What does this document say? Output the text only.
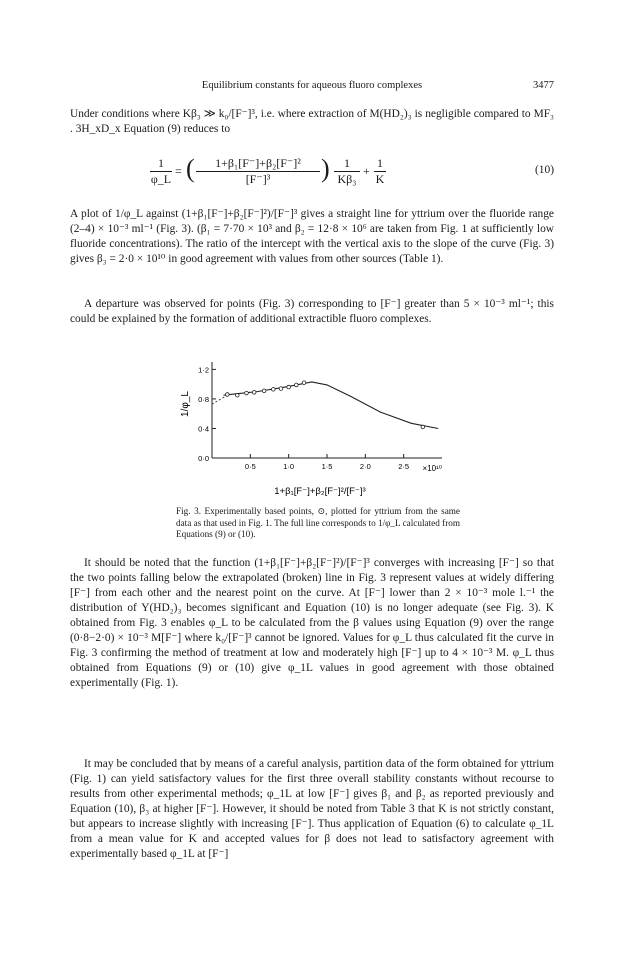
Equilibrium constants for aqueous fluoro complexes	3477

Under conditions where Kβ₃ ≫ k₀/[F⁻]³, i.e. where extraction of M(HD₂)₃ is negligible compared to MF₃ . 3H_xD_x Equation (9) reduces to

$\frac{1}{\varphi\_L}$ = ( $\frac{\text{1+β₁[F⁻]+β₂[F⁻]²}}{\text{[F⁻]³}}$ ) $\frac{1}{\text{Kβ₃}} + \frac{1}{K}$	(10)

A plot of 1/φ_L against (1+β₁[F⁻]+β₂[F⁻]²)/[F⁻]³ gives a straight line for yttrium over the fluoride range (2–4) × 10⁻³ ml⁻¹ (Fig. 3). (β₁ = 7·70 × 10³ and β₂ = 12·8 × 10⁶ are taken from Fig. 1 at sufficiently low fluoride concentrations). The ratio of the intercept with the vertical axis to the slope of the curve (Fig. 3) gives β₃ = 2·0 × 10¹⁰ in good agreement with values from other sources (Table 1).

A departure was observed for points (Fig. 3) corresponding to [F⁻] greater than 5 × 10⁻³ ml⁻¹; this could be explained by the formation of additional extractible fluoro complexes.

1·2
0·8
0·4
0·0
0·5	1·0	1·5	2·0	2·5
1/φ_L
×10¹⁰
1+β₁[F⁻]+β₂[F⁻]²/[F⁻]³
Fig. 3. Experimentally based points, ⊙, plotted for yttrium from the same data as that used in Fig. 1. The full line corresponds to 1/φ_L calculated from Equations (9) or (10).

It should be noted that the function (1+β₁[F⁻]+β₂[F⁻]²)/[F⁻]³ converges with increasing [F⁻] so that the two points falling below the extrapolated (broken) line in Fig. 3 represent values at widely differing [F⁻] from each other and the nearest point on the curve. At [F⁻] lower than 2 × 10⁻³ mole l.⁻¹ the distribution of Y(HD₂)₃ becomes significant and Equation (10) is no longer adequate (see Fig. 3). K obtained from Fig. 3 enables φ_L to be calculated from the β values using Equation (9) over the range (0·8−2·0) × 10⁻³ M[F⁻] where k₀/[F⁻]³ cannot be ignored. Values for φ_L thus calculated fit the curve in Fig. 3 confirming the method of treatment at low and moderately high [F⁻] up to 4 × 10⁻³ M. φ_L thus obtained from Equations (9) or (10) give φ_1L values in good agreement with those obtained experimentally (Fig. 1).

It may be concluded that by means of a careful analysis, partition data of the form obtained for yttrium (Fig. 1) can yield satisfactory values for the first three overall stability constants without recourse to results from other experimental methods; φ_1L at low [F⁻] gives β₁ and β₂ as reported previously and Equation (10), β₃ at higher [F⁻]. However, it should be noted from Table 3 that K is not strictly constant, but appears to increase slightly with increasing [F⁻]. Thus application of Equation (6) to calculate φ_1L from a mean value for K and accepted values for β does not lead to satisfactory agreement with experimentally based φ_1L at [F⁻]
